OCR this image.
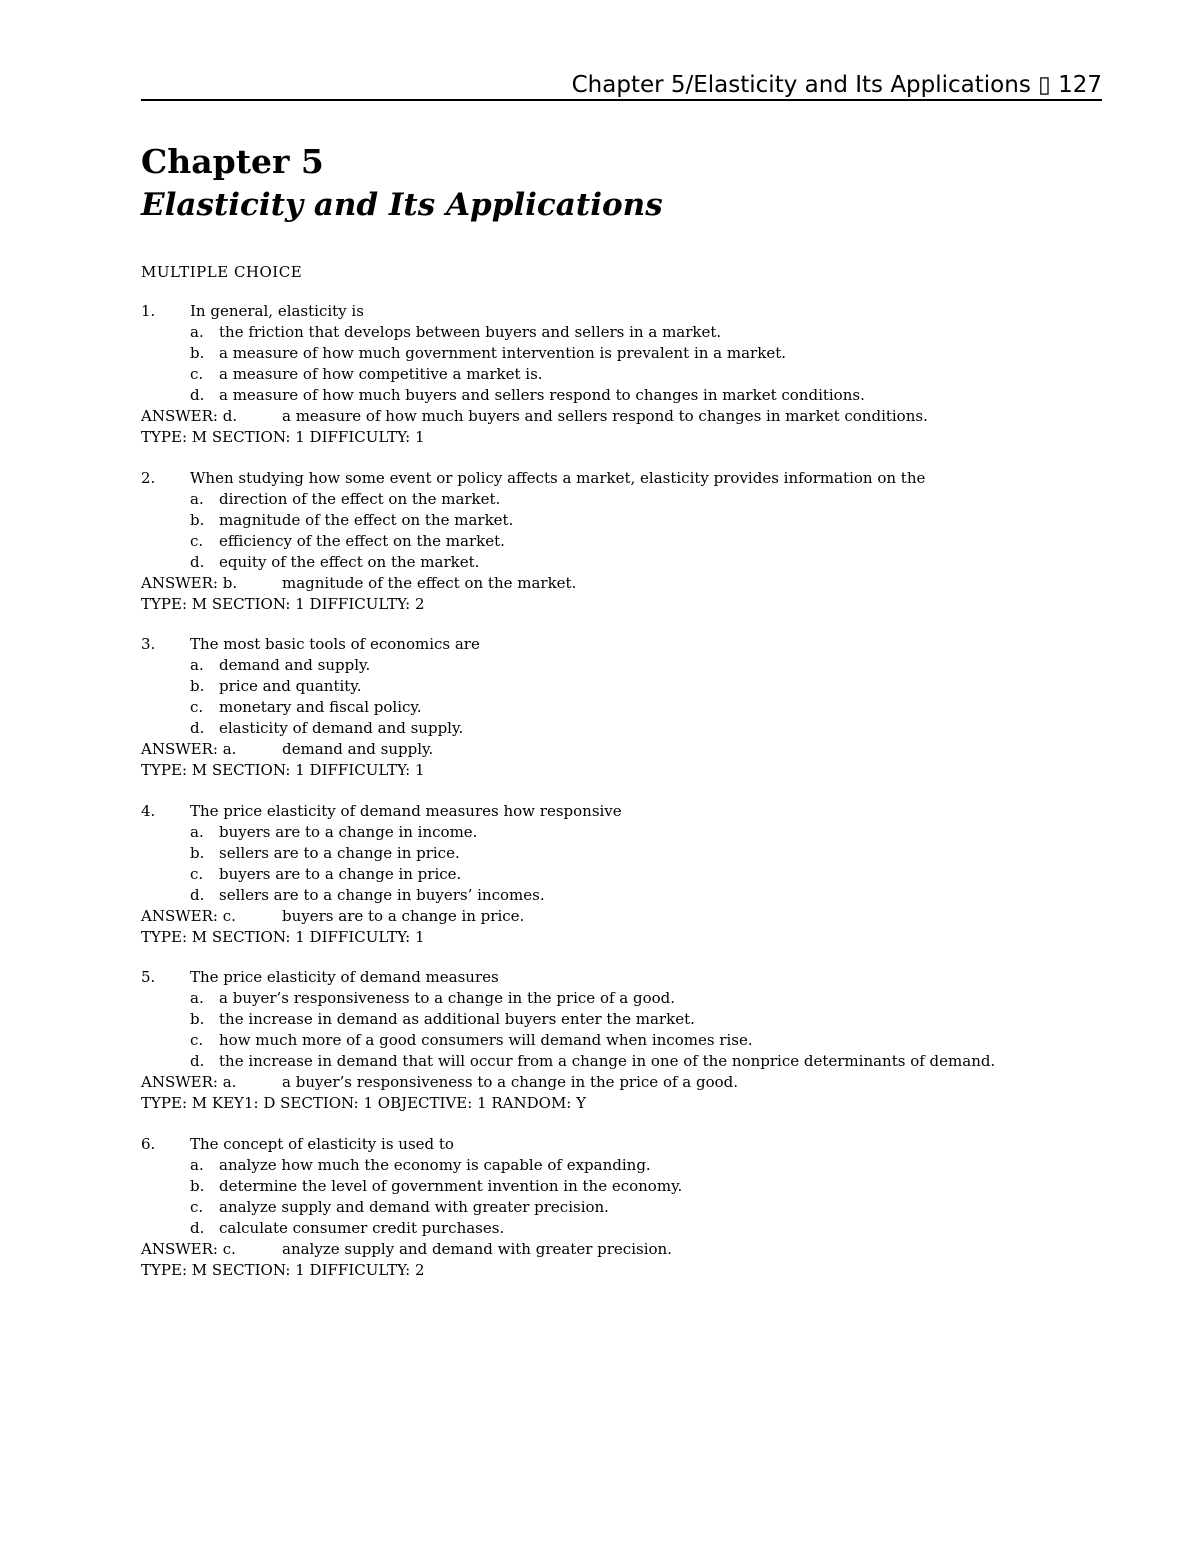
Chapter 5/Elasticity and Its Applications ▯ 127
Chapter 5
Elasticity and Its Applications
MULTIPLE CHOICE
1. In general, elasticity is
a. the friction that develops between buyers and sellers in a market.
b. a measure of how much government intervention is prevalent in a market.
c. a measure of how competitive a market is.
d. a measure of how much buyers and sellers respond to changes in market conditions.
ANSWER: d.	a measure of how much buyers and sellers respond to changes in market conditions.
TYPE: M SECTION: 1 DIFFICULTY: 1
2. When studying how some event or policy affects a market, elasticity provides information on the
a. direction of the effect on the market.
b. magnitude of the effect on the market.
c. efficiency of the effect on the market.
d. equity of the effect on the market.
ANSWER: b.	magnitude of the effect on the market.
TYPE: M SECTION: 1 DIFFICULTY: 2
3. The most basic tools of economics are
a. demand and supply.
b. price and quantity.
c. monetary and fiscal policy.
d. elasticity of demand and supply.
ANSWER: a.	demand and supply.
TYPE: M SECTION: 1 DIFFICULTY: 1
4. The price elasticity of demand measures how responsive
a. buyers are to a change in income.
b. sellers are to a change in price.
c. buyers are to a change in price.
d. sellers are to a change in buyers’ incomes.
ANSWER: c.	buyers are to a change in price.
TYPE: M SECTION: 1 DIFFICULTY: 1
5. The price elasticity of demand measures
a. a buyer’s responsiveness to a change in the price of a good.
b. the increase in demand as additional buyers enter the market.
c. how much more of a good consumers will demand when incomes rise.
d. the increase in demand that will occur from a change in one of the nonprice determinants of demand.
ANSWER: a.	a buyer’s responsiveness to a change in the price of a good.
TYPE: M KEY1: D SECTION: 1 OBJECTIVE: 1 RANDOM: Y
6. The concept of elasticity is used to
a. analyze how much the economy is capable of expanding.
b. determine the level of government invention in the economy.
c. analyze supply and demand with greater precision.
d. calculate consumer credit purchases.
ANSWER: c.	analyze supply and demand with greater precision.
TYPE: M SECTION: 1 DIFFICULTY: 2
